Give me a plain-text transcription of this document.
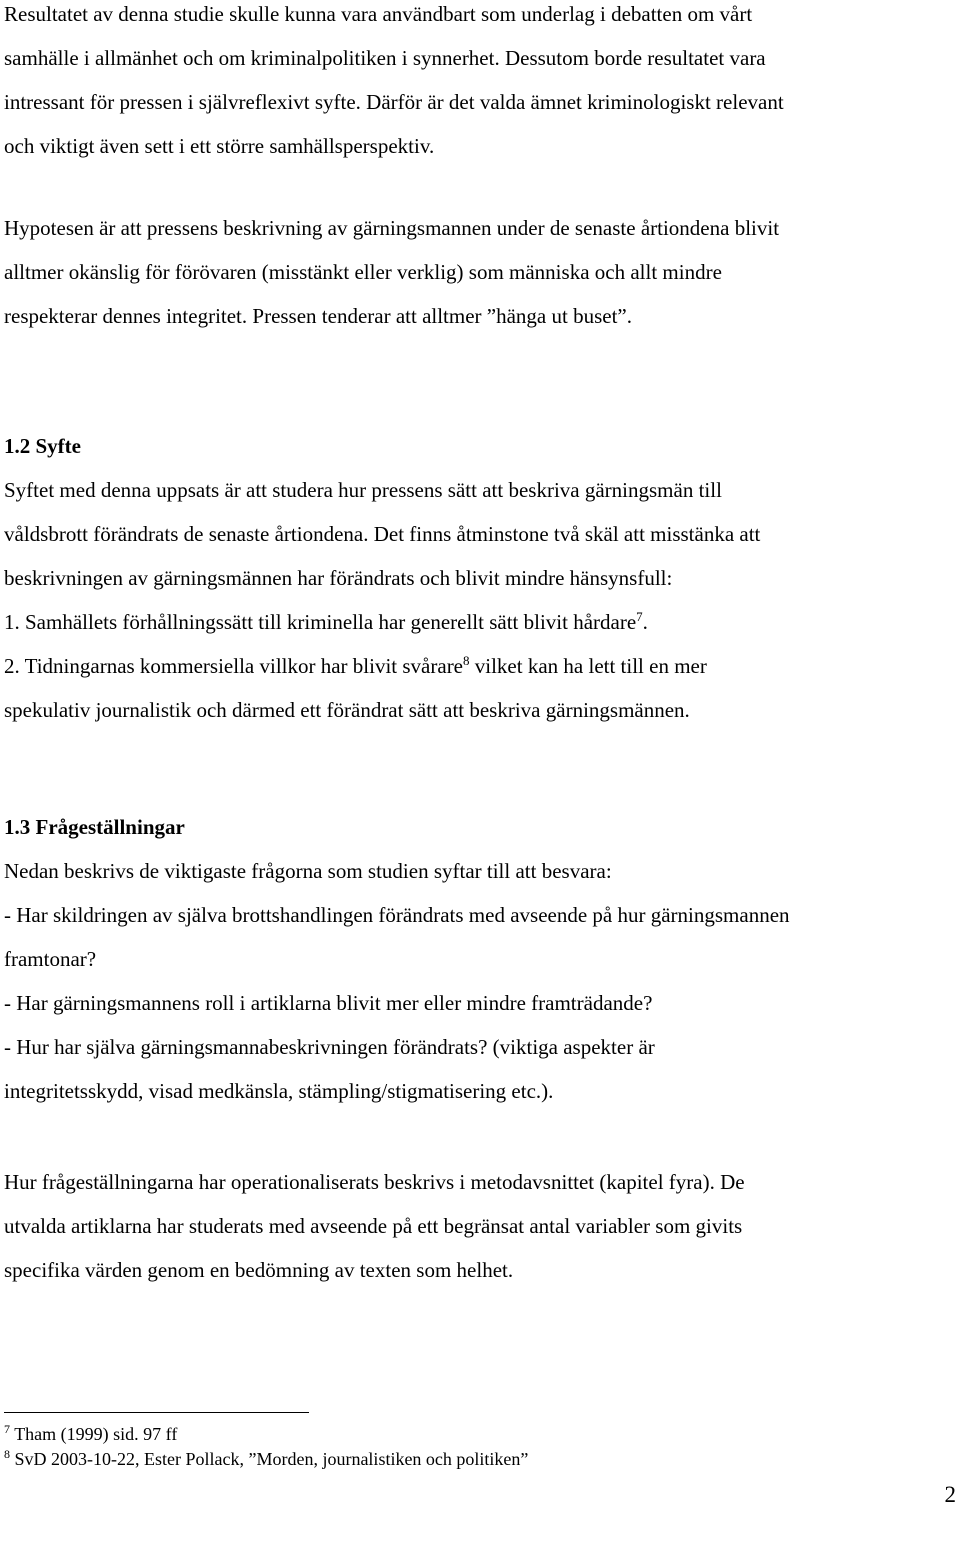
Resultatet av denna studie skulle kunna vara användbart som underlag i debatten om vårt

samhälle i allmänhet och om kriminalpolitiken i synnerhet. Dessutom borde resultatet vara

intressant för pressen i självreflexivt syfte. Därför är det valda ämnet kriminologiskt relevant

och viktigt även sett i ett större samhällsperspektiv.

Hypotesen är att pressens beskrivning av gärningsmannen under de senaste årtiondena blivit

alltmer okänslig för förövaren (misstänkt eller verklig) som människa och allt mindre

respekterar dennes integritet. Pressen tenderar att alltmer ”hänga ut buset”.

1.2 Syfte

Syftet med denna uppsats är att studera hur pressens sätt att beskriva gärningsmän till

våldsbrott förändrats de senaste årtiondena. Det finns åtminstone två skäl att misstänka att

beskrivningen av gärningsmännen har förändrats och blivit mindre hänsynsfull:

1. Samhällets förhållningssätt till kriminella har generellt sätt blivit hårdare$^7$.

2. Tidningarnas kommersiella villkor har blivit svårare$^8$ vilket kan ha lett till en mer

spekulativ journalistik och därmed ett förändrat sätt att beskriva gärningsmännen.

1.3 Frågeställningar

Nedan beskrivs de viktigaste frågorna som studien syftar till att besvara:

- Har skildringen av själva brottshandlingen förändrats med avseende på hur gärningsmannen

framtonar?

- Har gärningsmannens roll i artiklarna blivit mer eller mindre framträdande?

- Hur har själva gärningsmannabeskrivningen förändrats? (viktiga aspekter är

integritetsskydd, visad medkänsla, stämpling/stigmatisering etc.).

Hur frågeställningarna har operationaliserats beskrivs i metodavsnittet (kapitel fyra). De

utvalda artiklarna har studerats med avseende på ett begränsat antal variabler som givits

specifika värden genom en bedömning av texten som helhet.

$^7$ Tham (1999) sid. 97 ff

$^8$ SvD 2003-10-22, Ester Pollack, ”Morden, journalistiken och politiken”

2
